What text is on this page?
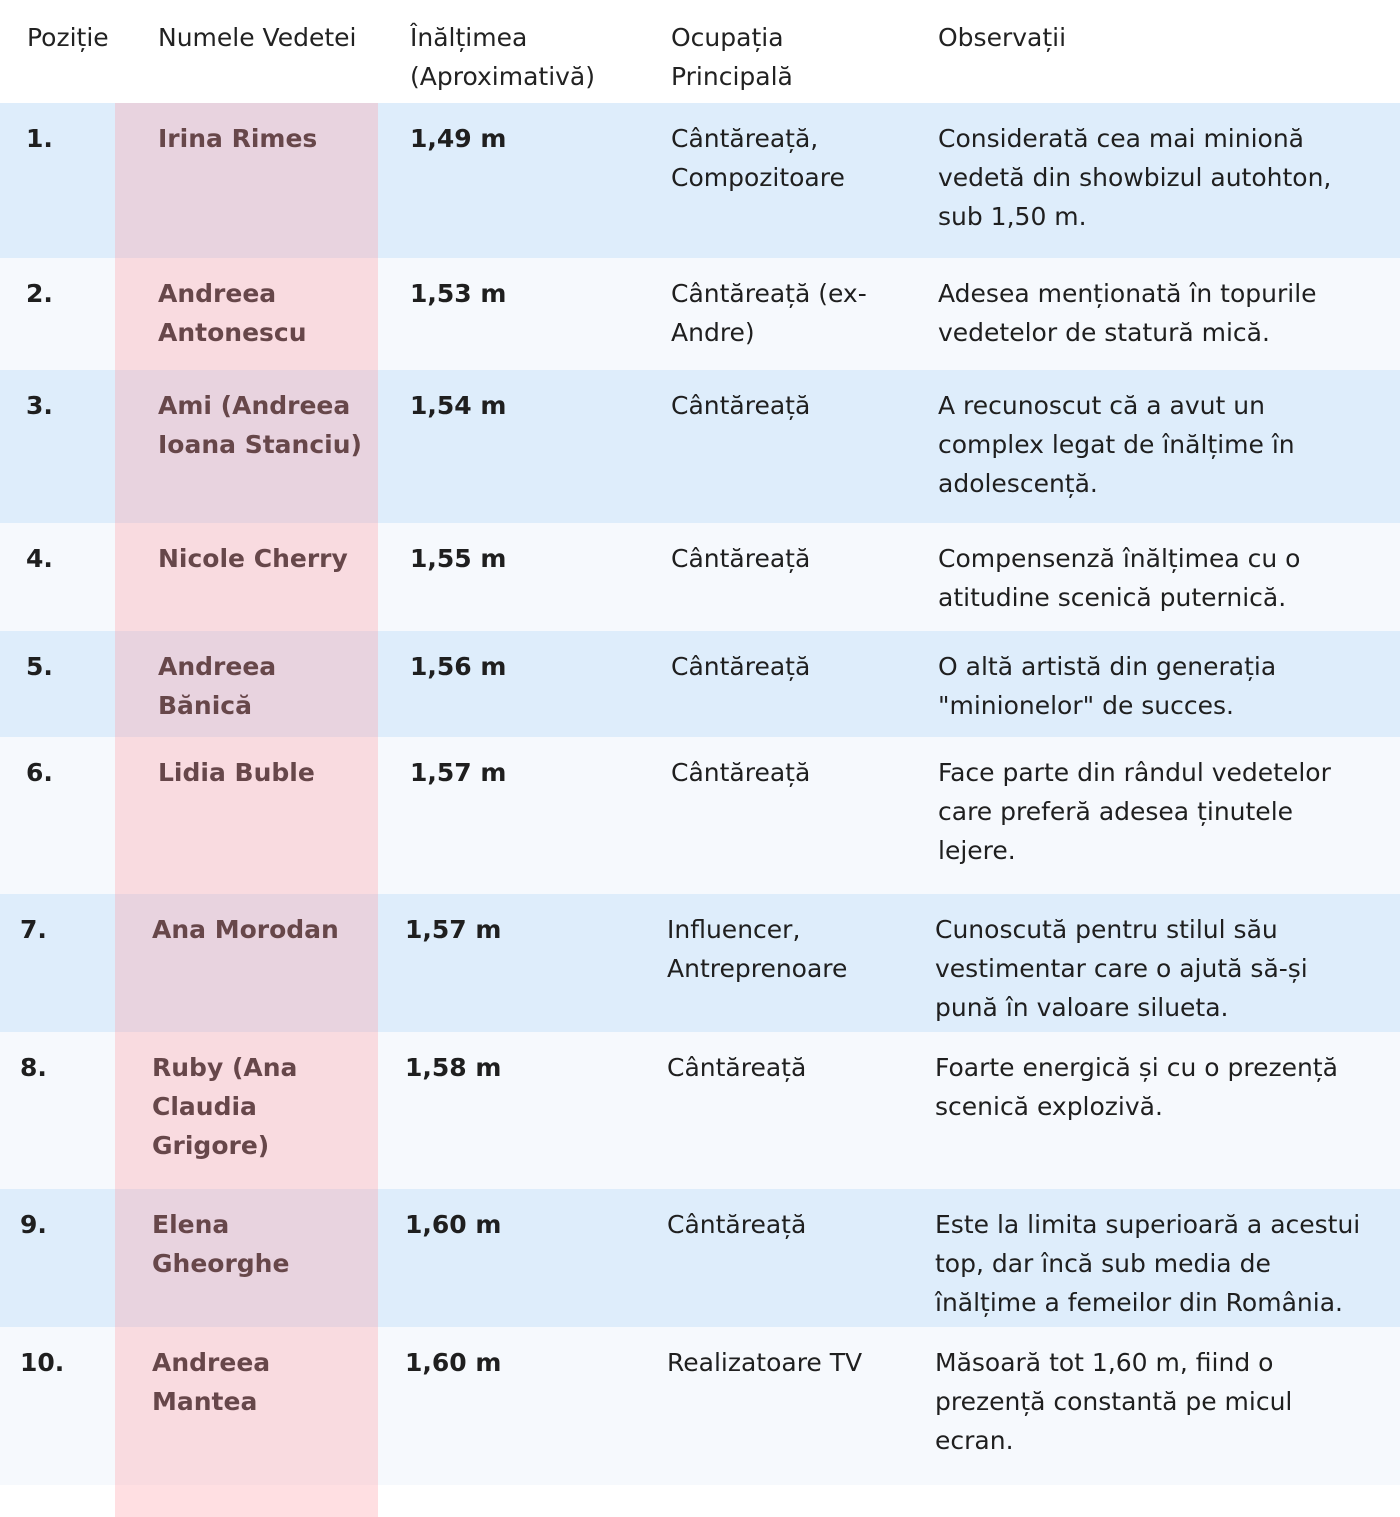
Poziție	Numele Vedetei	Înălțimea (Aproximativă)	Ocupația Principală	Observații
1.	Irina Rimes	1,49 m	Cântăreață, Compozitoare	Considerată cea mai minionă vedetă din showbizul autohton, sub 1,50 m.
2.	Andreea Antonescu	1,53 m	Cântăreață (ex-Andre)	Adesea menționată în topurile vedetelor de statură mică.
3.	Ami (Andreea Ioana Stanciu)	1,54 m	Cântăreață	A recunoscut că a avut un complex legat de înălțime în adolescență.
4.	Nicole Cherry	1,55 m	Cântăreață	Compensenză înălțimea cu o atitudine scenică puternică.
5.	Andreea Bănică	1,56 m	Cântăreață	O altă artistă din generația "minionelor" de succes.
6.	Lidia Buble	1,57 m	Cântăreață	Face parte din rândul vedetelor care preferă adesea ținutele lejere.
7.	Ana Morodan	1,57 m	Influencer, Antreprenoare	Cunoscută pentru stilul său vestimentar care o ajută să-și pună în valoare silueta.
8.	Ruby (Ana Claudia Grigore)	1,58 m	Cântăreață	Foarte energică și cu o prezență scenică explozivă.
9.	Elena Gheorghe	1,60 m	Cântăreață	Este la limita superioară a acestui top, dar încă sub media de înălțime a femeilor din România.
10.	Andreea Mantea	1,60 m	Realizatoare TV	Măsoară tot 1,60 m, fiind o prezență constantă pe micul ecran.
